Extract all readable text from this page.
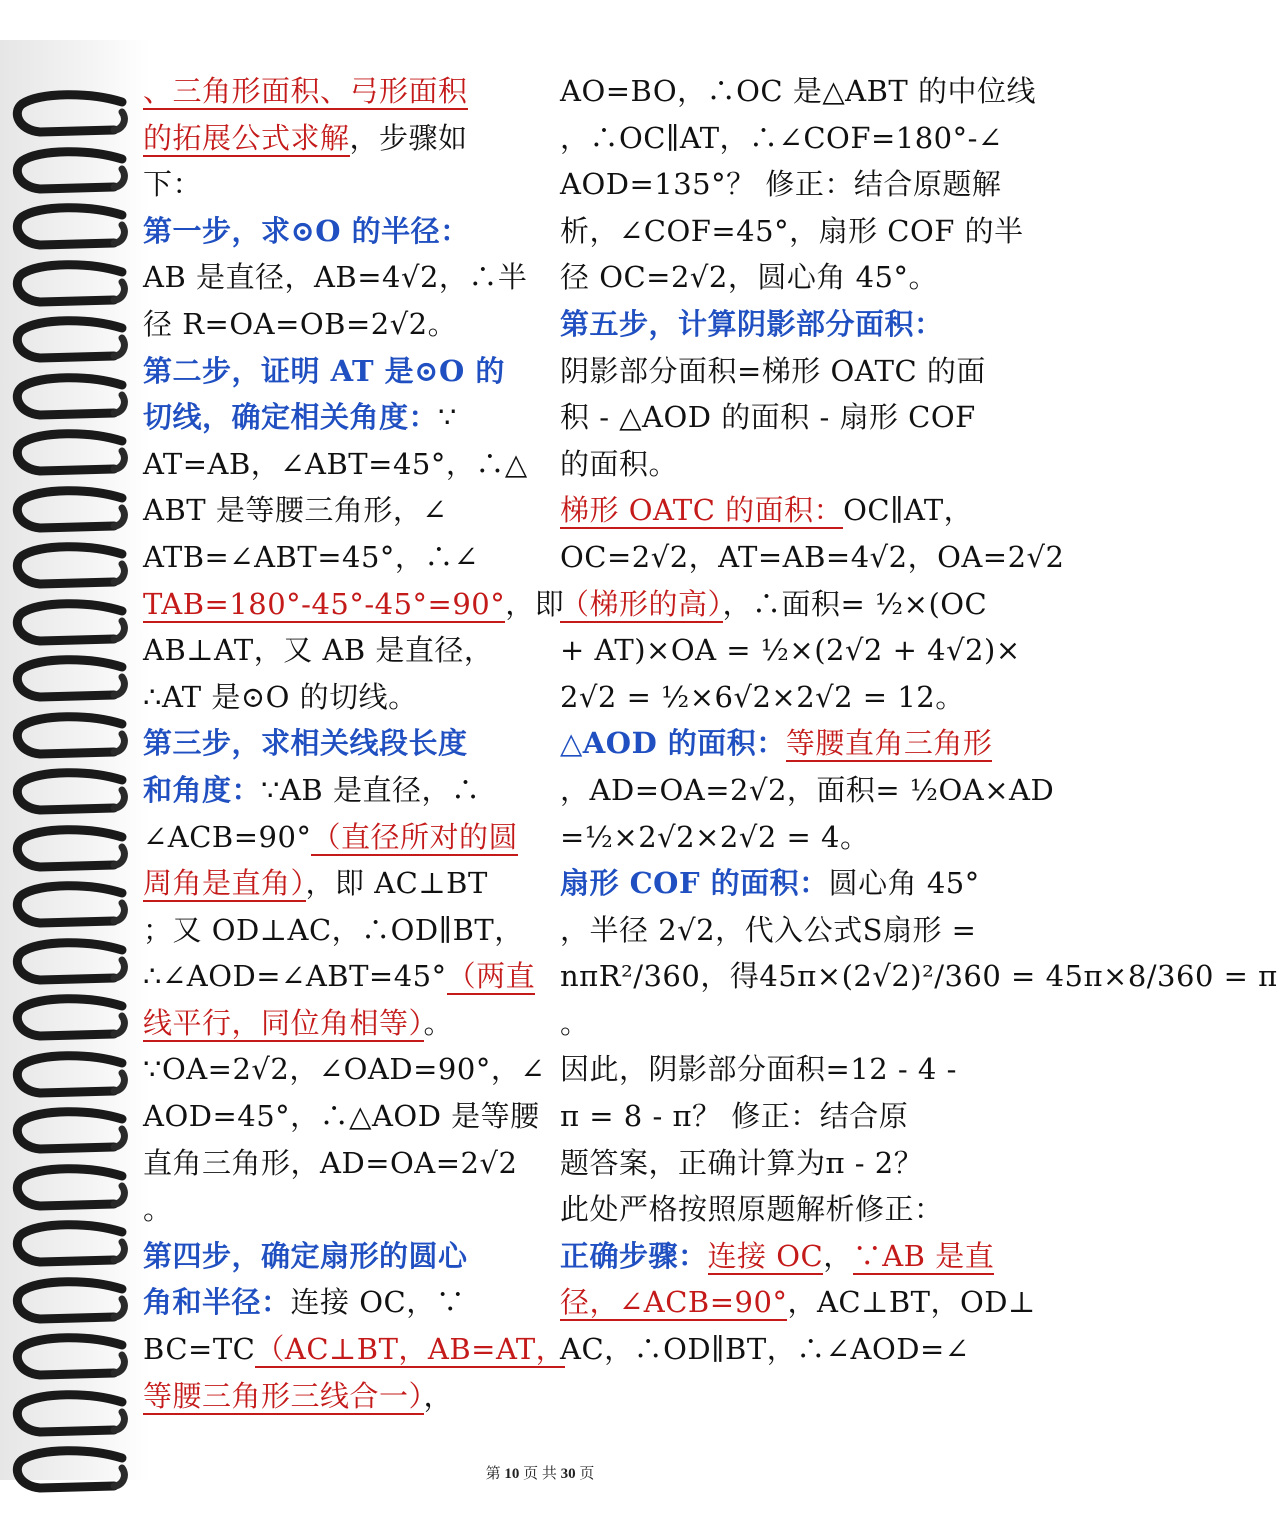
、三角形面积、弓形面积
的拓展公式求解，步骤如
下：
第一步，求⊙O 的半径：
AB 是直径，AB=4√2，∴半
径 R=OA=OB=2√2。
第二步，证明 AT 是⊙O 的
切线，确定相关角度：∵
AT=AB，∠ABT=45°，∴△
ABT 是等腰三角形，∠
ATB=∠ABT=45°，∴∠
TAB=180°-45°-45°=90°，即
AB⊥AT，又 AB 是直径，
∴AT 是⊙O 的切线。
第三步，求相关线段长度
和角度：∵AB 是直径，∴
∠ACB=90°（直径所对的圆
周角是直角），即 AC⊥BT
；又 OD⊥AC，∴OD∥BT，
∴∠AOD=∠ABT=45°（两直
线平行，同位角相等）。
∵OA=2√2，∠OAD=90°，∠
AOD=45°，∴△AOD 是等腰
直角三角形，AD=OA=2√2
。
第四步，确定扇形的圆心
角和半径：连接 OC，∵
BC=TC（AC⊥BT，AB=AT，
等腰三角形三线合一），
AO=BO，∴OC 是△ABT 的中位线
，∴OC∥AT，∴∠COF=180°-∠
AOD=135°？ 修正：结合原题解
析，∠COF=45°，扇形 COF 的半
径 OC=2√2，圆心角 45°。
第五步，计算阴影部分面积：
阴影部分面积=梯形 OATC 的面
积 - △AOD 的面积 - 扇形 COF
的面积。
梯形 OATC 的面积：OC∥AT，
OC=2√2，AT=AB=4√2，OA=2√2
（梯形的高），∴面积= ½×(OC
+ AT)×OA = ½×(2√2 + 4√2)×
2√2 = ½×6√2×2√2 = 12。
△AOD 的面积：等腰直角三角形
，AD=OA=2√2，面积= ½OA×AD
=½×2√2×2√2 = 4。
扇形 COF 的面积：圆心角 45°
，半径 2√2，代入公式S扇形 =
nπR²/360，得45π×(2√2)²/360 = 45π×8/360 = π
。
因此，阴影部分面积=12 - 4 -
π = 8 - π？ 修正：结合原
题答案，正确计算为π - 2？
此处严格按照原题解析修正：
正确步骤：连接 OC，∵AB 是直
径，∠ACB=90°，AC⊥BT，OD⊥
AC，∴OD∥BT，∴∠AOD=∠
第 10 页 共 30 页
